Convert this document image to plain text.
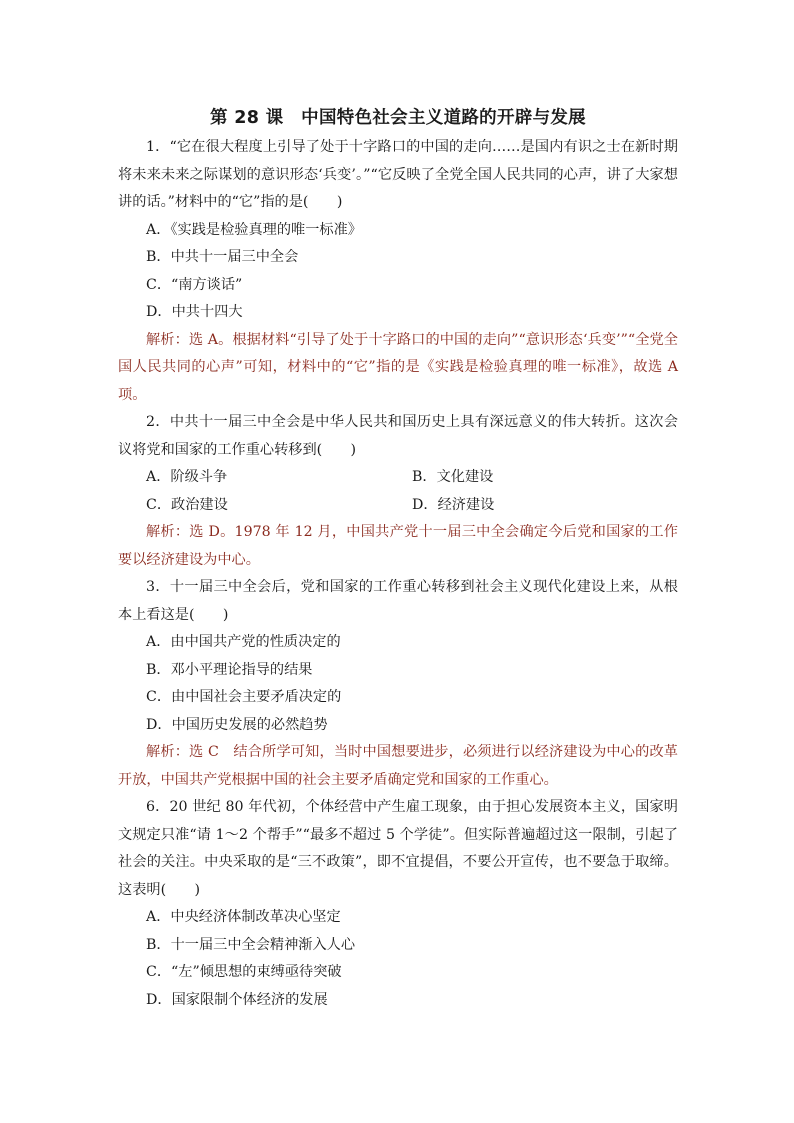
第 28 课　中国特色社会主义道路的开辟与发展

1．“它在很大程度上引导了处于十字路口的中国的走向……是国内有识之士在新时期将未来未来之际谋划的意识形态‘兵变’。”“它反映了全党全国人民共同的心声，讲了大家想讲的话。”材料中的“它”指的是(　　)

A．《实践是检验真理的唯一标准》

B．中共十一届三中全会

C．“南方谈话”

D．中共十四大

解析：选 A。根据材料“引导了处于十字路口的中国的走向”“意识形态‘兵变’”“全党全国人民共同的心声”可知，材料中的“它”指的是《实践是检验真理的唯一标准》，故选 A 项。

2．中共十一届三中全会是中华人民共和国历史上具有深远意义的伟大转折。这次会议将党和国家的工作重心转移到(　　)

A．阶级斗争	B．文化建设
C．政治建设	D．经济建设

解析：选 D。1978 年 12 月，中国共产党十一届三中全会确定今后党和国家的工作要以经济建设为中心。

3．十一届三中全会后，党和国家的工作重心转移到社会主义现代化建设上来，从根本上看这是(　　)

A．由中国共产党的性质决定的

B．邓小平理论指导的结果

C．由中国社会主要矛盾决定的

D．中国历史发展的必然趋势

解析：选 C　结合所学可知，当时中国想要进步，必须进行以经济建设为中心的改革开放，中国共产党根据中国的社会主要矛盾确定党和国家的工作重心。

6．20 世纪 80 年代初，个体经营中产生雇工现象，由于担心发展资本主义，国家明文规定只准“请 1～2 个帮手”“最多不超过 5 个学徒”。但实际普遍超过这一限制，引起了社会的关注。中央采取的是“三不政策”，即不宜提倡，不要公开宣传，也不要急于取缔。这表明(　　)

A．中央经济体制改革决心坚定

B．十一届三中全会精神渐入人心

C．“左”倾思想的束缚亟待突破

D．国家限制个体经济的发展
